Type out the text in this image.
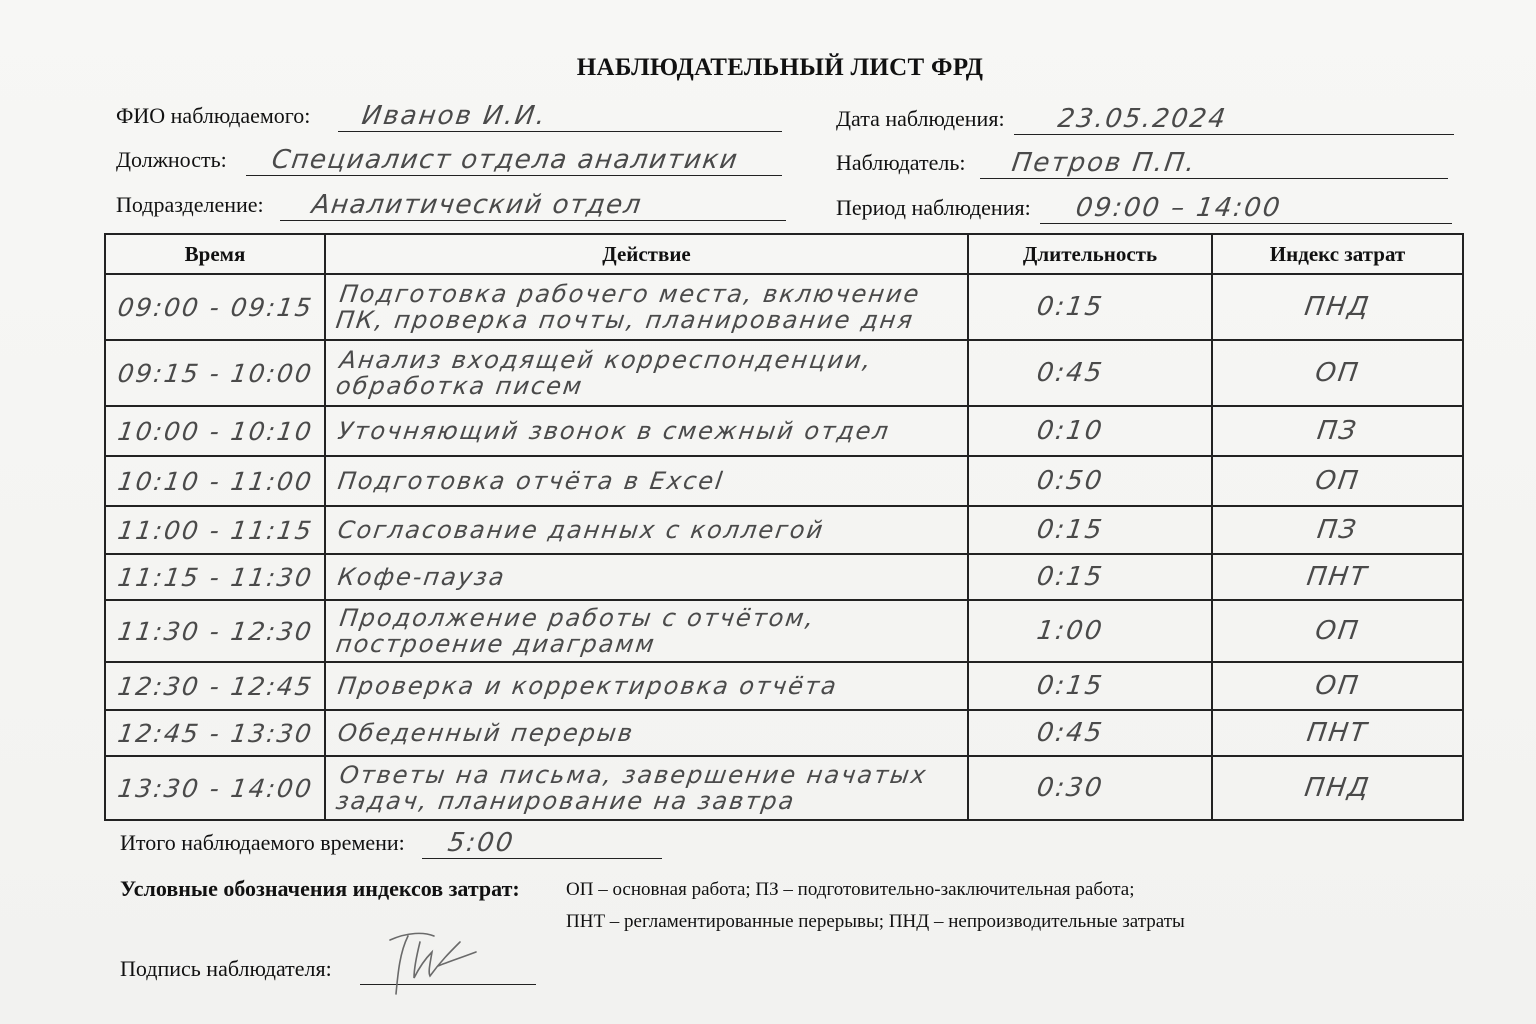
НАБЛЮДАТЕЛЬНЫЙ ЛИСТ ФРД
ФИО наблюдаемого: Иванов И.И.
Должность: Специалист отдела аналитики
Подразделение: Аналитический отдел
Дата наблюдения: 23.05.2024
Наблюдатель: Петров П.П.
Период наблюдения: 09:00 – 14:00
Время	Действие	Длительность	Индекс затрат
09:00 - 09:15	Подготовка рабочего места, включение ПК, проверка почты, планирование дня	0:15	ПНД
09:15 - 10:00	Анализ входящей корреспонденции, обработка писем	0:45	ОП
10:00 - 10:10	Уточняющий звонок в смежный отдел	0:10	ПЗ
10:10 - 11:00	Подготовка отчёта в Excel	0:50	ОП
11:00 - 11:15	Согласование данных с коллегой	0:15	ПЗ
11:15 - 11:30	Кофе-пауза	0:15	ПНТ
11:30 - 12:30	Продолжение работы с отчётом, построение диаграмм	1:00	ОП
12:30 - 12:45	Проверка и корректировка отчёта	0:15	ОП
12:45 - 13:30	Обеденный перерыв	0:45	ПНТ
13:30 - 14:00	Ответы на письма, завершение начатых задач, планирование на завтра	0:30	ПНД
Итого наблюдаемого времени: 5:00
Условные обозначения индексов затрат: ОП – основная работа; ПЗ – подготовительно-заключительная работа;
ПНТ – регламентированные перерывы; ПНД – непроизводительные затраты
Подпись наблюдателя:
